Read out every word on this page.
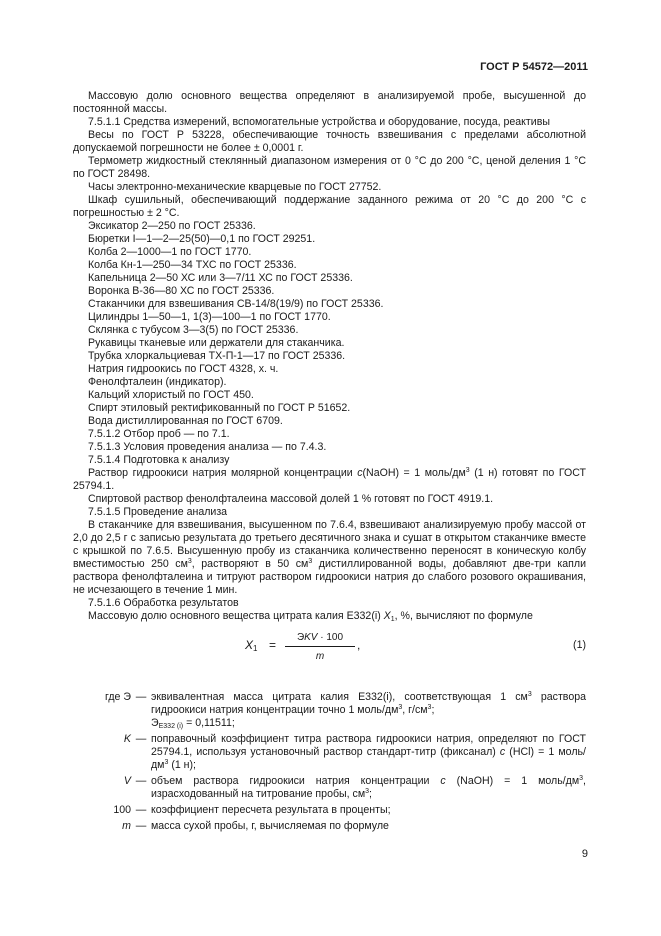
ГОСТ Р 54572—2011

Массовую долю основного вещества определяют в анализируемой пробе, высушенной до постоянной массы.

7.5.1.1 Средства измерений, вспомогательные устройства и оборудование, посуда, реактивы

Весы по ГОСТ Р 53228, обеспечивающие точность взвешивания с пределами абсолютной допускаемой погрешности не более ± 0,0001 г.

Термометр жидкостный стеклянный диапазоном измерения от 0 °С до 200 °С, ценой деления 1 °С по ГОСТ 28498.

Часы электронно-механические кварцевые по ГОСТ 27752.

Шкаф сушильный, обеспечивающий поддержание заданного режима от 20 °С до 200 °С с погрешностью ± 2 °С.

Эксикатор 2—250 по ГОСТ 25336.

Бюретки I—1—2—25(50)—0,1 по ГОСТ 29251.

Колба 2—1000—1 по ГОСТ 1770.

Колба Кн-1—250—34 ТХС по ГОСТ 25336.

Капельница 2—50 ХС или 3—7/11 ХС по ГОСТ 25336.

Воронка В-36—80 ХС по ГОСТ 25336.

Стаканчики для взвешивания СВ-14/8(19/9) по ГОСТ 25336.

Цилиндры 1—50—1, 1(3)—100—1 по ГОСТ 1770.

Склянка с тубусом 3—3(5) по ГОСТ 25336.

Рукавицы тканевые или держатели для стаканчика.

Трубка хлоркальциевая ТХ-П-1—17 по ГОСТ 25336.

Натрия гидроокись по ГОСТ 4328, х. ч.

Фенолфталеин (индикатор).

Кальций хлористый по ГОСТ 450.

Спирт этиловый ректификованный по ГОСТ Р 51652.

Вода дистиллированная по ГОСТ 6709.

7.5.1.2 Отбор проб — по 7.1.

7.5.1.3 Условия проведения анализа — по 7.4.3.

7.5.1.4 Подготовка к анализу

Раствор гидроокиси натрия молярной концентрации c(NaOH) = 1 моль/$дм^3$ (1 н) готовят по ГОСТ 25794.1.

Спиртовой раствор фенолфталеина массовой долей 1 % готовят по ГОСТ 4919.1.

7.5.1.5 Проведение анализа

В стаканчике для взвешивания, высушенном по 7.6.4, взвешивают анализируемую пробу массой от 2,0 до 2,5 г с записью результата до третьего десятичного знака и сушат в открытом стаканчике вместе с крышкой по 7.6.5. Высушенную пробу из стаканчика количественно переносят в коническую колбу вместимостью 250 $см^3$, растворяют в 50 $см^3$ дистиллированной воды, добавляют две-три капли раствора фенолфталеина и титруют раствором гидроокиси натрия до слабого розового окрашивания, не исчезающего в течение 1 мин.

7.5.1.6 Обработка результатов

Массовую долю основного вещества цитрата калия Е332(i) $X_1$, %, вычисляют по формуле

$X_1$ =
ЭKV · 100
m
,	(1)
где Э — эквивалентная масса цитрата калия Е332(i), соответствующая 1 $см^3$ раствора гидроокиси натрия концентрации точно 1 моль/$дм^3$, $г/см^3$;
$Э_{Е332 (i)} = 0,11511$;
K — поправочный коэффициент титра раствора гидроокиси натрия, определяют по ГОСТ 25794.1, используя установочный раствор стандарт-титр (фиксанал) c (HCl) = 1 моль/$дм^3$ (1 н);
V — объем раствора гидроокиси натрия концентрации c (NaOH) = 1 моль/$дм^3$, израсходованный на титрование пробы, $см^3$;
100 — коэффициент пересчета результата в проценты;
m — масса сухой пробы, г, вычисляемая по формуле
9
